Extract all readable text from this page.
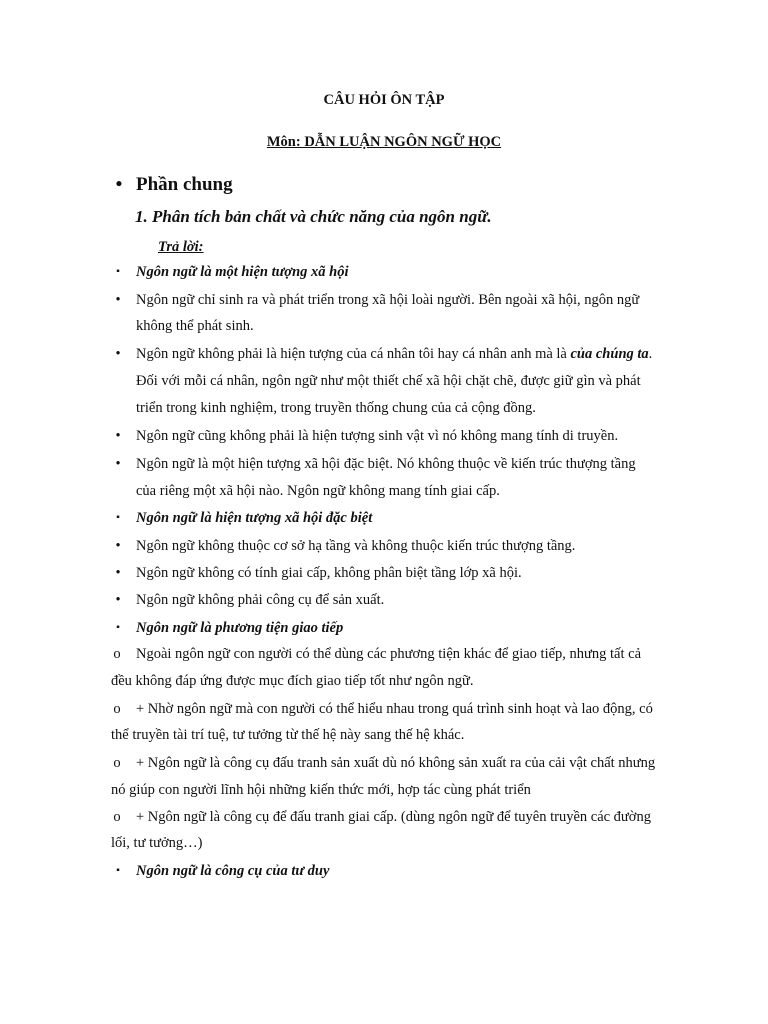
CÂU HỎI ÔN TẬP
Môn: DẪN LUẬN NGÔN NGỮ HỌC
• Phần chung
1. Phân tích bản chất và chức năng của ngôn ngữ.
Trả lời:
▪	Ngôn ngữ là một hiện tượng xã hội
•	Ngôn ngữ chỉ sinh ra và phát triển trong xã hội loài người. Bên ngoài xã hội, ngôn ngữ
không thể phát sinh.
•	Ngôn ngữ không phải là hiện tượng của cá nhân tôi hay cá nhân anh mà là của chúng ta.
Đối với mỗi cá nhân, ngôn ngữ như một thiết chế xã hội chặt chẽ, được giữ gìn và phát
triển trong kinh nghiệm, trong truyền thống chung của cả cộng đồng.
•	Ngôn ngữ cũng không phải là hiện tượng sinh vật vì nó không mang tính di truyền.
•	Ngôn ngữ là một hiện tượng xã hội đặc biệt. Nó không thuộc về kiến trúc thượng tầng
của riêng một xã hội nào. Ngôn ngữ không mang tính giai cấp.
▪	Ngôn ngữ là hiện tượng xã hội đặc biệt
•	Ngôn ngữ không thuộc cơ sở hạ tầng và không thuộc kiến trúc thượng tầng.
•	Ngôn ngữ không có tính giai cấp, không phân biệt tầng lớp xã hội.
•	Ngôn ngữ không phải công cụ để sản xuất.
▪	Ngôn ngữ là phương tiện giao tiếp
o Ngoài ngôn ngữ con người có thể dùng các phương tiện khác để giao tiếp, nhưng tất cả
đều không đáp ứng được mục đích giao tiếp tốt như ngôn ngữ.
o + Nhờ ngôn ngữ mà con người có thể hiểu nhau trong quá trình sinh hoạt và lao động, có
thể truyền tài trí tuệ, tư tưởng từ thế hệ này sang thế hệ khác.
o + Ngôn ngữ là công cụ đấu tranh sản xuất dù nó không sản xuất ra của cải vật chất nhưng
nó giúp con người lĩnh hội những kiến thức mới, hợp tác cùng phát triển
o + Ngôn ngữ là công cụ để đấu tranh giai cấp. (dùng ngôn ngữ để tuyên truyền các đường
lối, tư tưởng…)
▪	Ngôn ngữ là công cụ của tư duy
